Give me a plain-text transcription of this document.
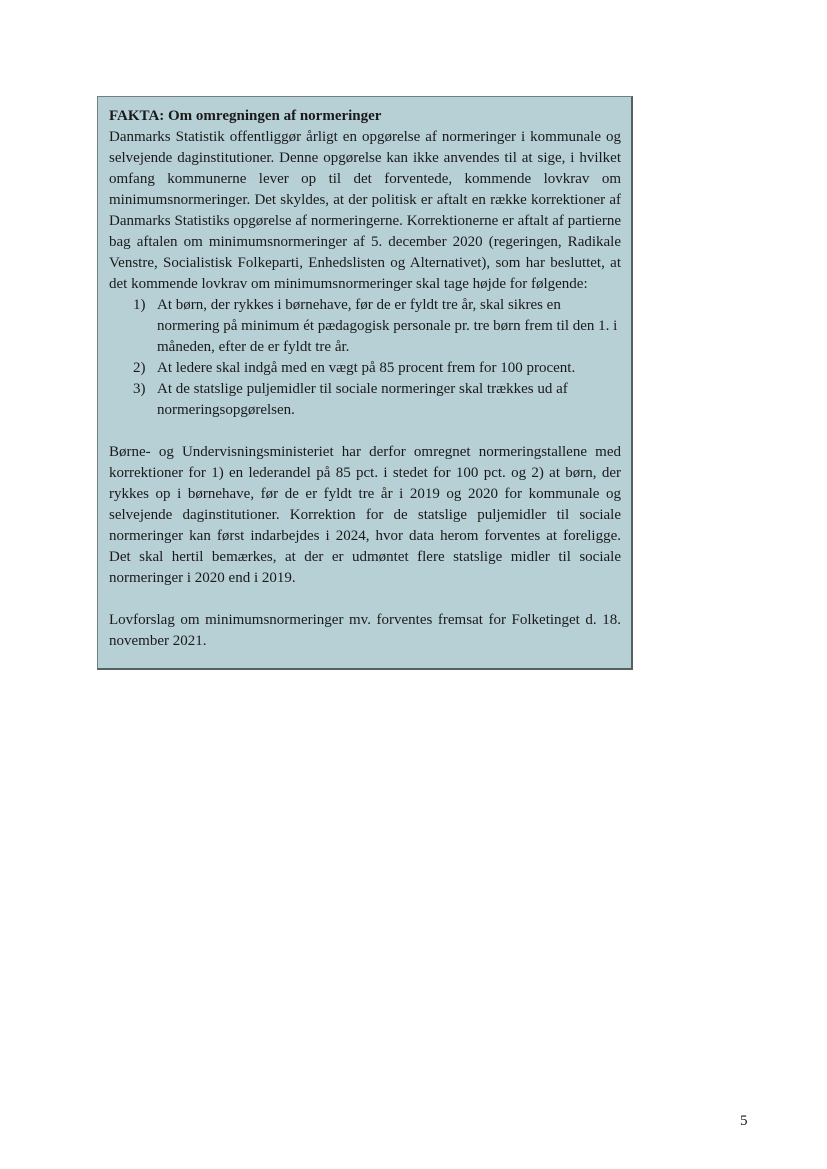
FAKTA: Om omregningen af normeringer

Danmarks Statistik offentliggør årligt en opgørelse af normeringer i kommunale og selvejende daginstitutioner. Denne opgørelse kan ikke anvendes til at sige, i hvilket omfang kommunerne lever op til det forventede, kommende lovkrav om minimumsnormeringer. Det skyldes, at der politisk er aftalt en række korrektioner af Danmarks Statistiks opgørelse af normeringerne. Korrektionerne er aftalt af partierne bag aftalen om minimumsnormeringer af 5. december 2020 (regeringen, Radikale Venstre, Socialistisk Folkeparti, Enhedslisten og Alternativet), som har besluttet, at det kommende lovkrav om minimumsnormeringer skal tage højde for følgende:

1) At børn, der rykkes i børnehave, før de er fyldt tre år, skal sikres en normering på minimum ét pædagogisk personale pr. tre børn frem til den 1. i måneden, efter de er fyldt tre år.
2) At ledere skal indgå med en vægt på 85 procent frem for 100 procent.
3) At de statslige puljemidler til sociale normeringer skal trækkes ud af normeringsopgørelsen.

Børne- og Undervisningsministeriet har derfor omregnet normeringstallene med korrektioner for 1) en lederandel på 85 pct. i stedet for 100 pct. og 2) at børn, der rykkes op i børnehave, før de er fyldt tre år i 2019 og 2020 for kommunale og selvejende daginstitutioner. Korrektion for de statslige puljemidler til sociale normeringer kan først indarbejdes i 2024, hvor data herom forventes at foreligge. Det skal hertil bemærkes, at der er udmøntet flere statslige midler til sociale normeringer i 2020 end i 2019.

Lovforslag om minimumsnormeringer mv. forventes fremsat for Folketinget d. 18. november 2021.

5
